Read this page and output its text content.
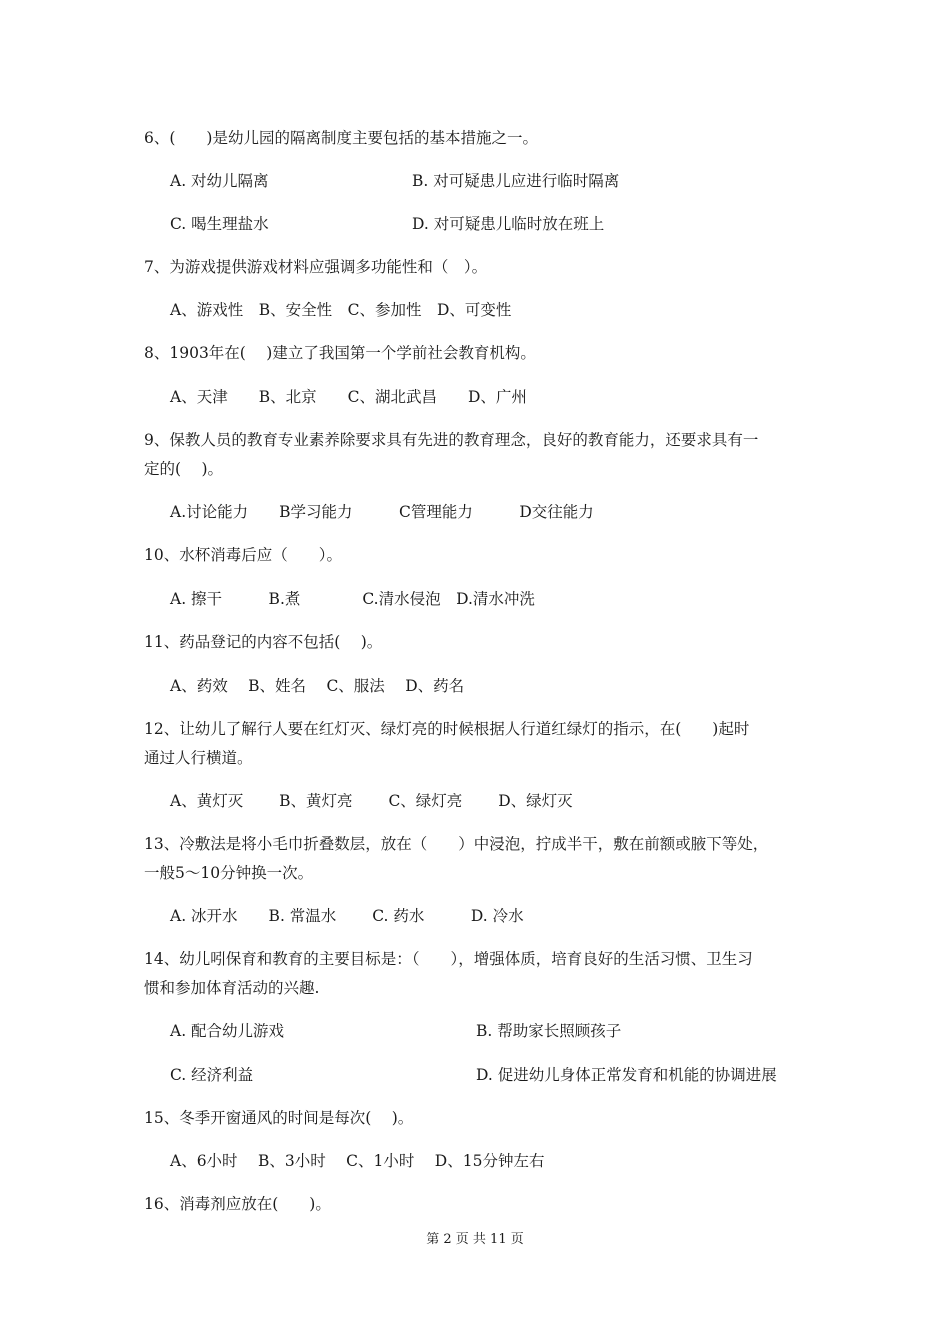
6、(　　)是幼儿园的隔离制度主要包括的基本措施之一。
A. 对幼儿隔离	B. 对可疑患儿应进行临时隔离
C. 喝生理盐水	D. 对可疑患儿临时放在班上
7、为游戏提供游戏材料应强调多功能性和（　）。
A、游戏性　B、安全性　C、参加性　D、可变性
8、1903年在(　 )建立了我国第一个学前社会教育机构。
A、天津　　B、北京　　C、湖北武昌　　D、广州
9、保教人员的教育专业素养除要求具有先进的教育理念，良好的教育能力，还要求具有一
定的(　 )。
A.讨论能力　　B学习能力　　　C管理能力　　　D交往能力
10、水杯消毒后应（　　）。
A. 擦干　　　B.煮　　　　C.清水侵泡　D.清水冲洗
11、药品登记的内容不包括(　 )。
A、药效　 B、姓名　 C、服法　 D、药名
12、让幼儿了解行人要在红灯灭、绿灯亮的时候根据人行道红绿灯的指示，在(　　)起时
通过人行横道。
A、黄灯灭　　 B、黄灯亮　　 C、绿灯亮　　 D、绿灯灭
13、冷敷法是将小毛巾折叠数层，放在（　　）中浸泡，拧成半干，敷在前额或腋下等处，
一般5～10分钟换一次。
A. 冰开水　　B. 常温水　　 C. 药水　　　D. 冷水
14、幼儿吲保育和教育的主要目标是：（　　），增强体质，培育良好的生活习惯、卫生习
惯和参加体育活动的兴趣.
A. 配合幼儿游戏	B. 帮助家长照顾孩子
C. 经济利益	D. 促进幼儿身体正常发育和机能的协调进展
15、冬季开窗通风的时间是每次(　 )。
A、6小时　 B、3小时　 C、1小时　 D、15分钟左右
16、消毒剂应放在(　　)。
第 2 页 共 11 页
